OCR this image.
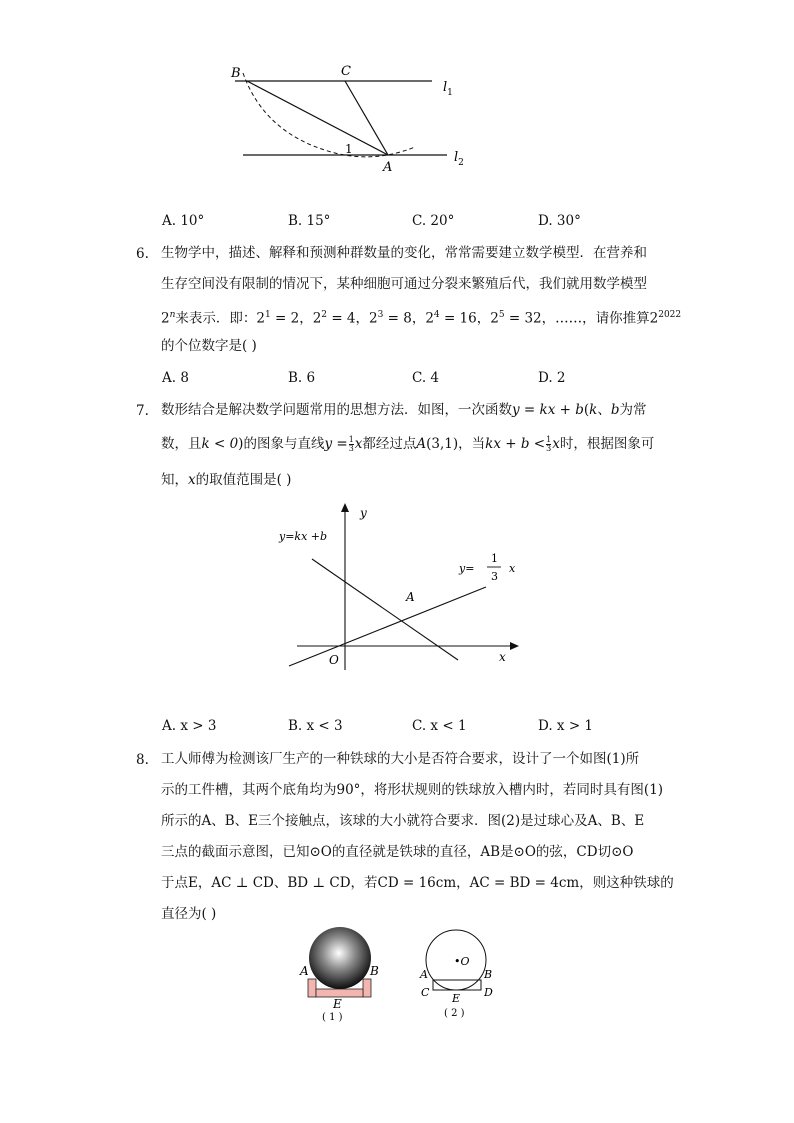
B	C
A
1
$l_1$
$l_2$
A. 10°	B. 15°	C. 20°	D. 30°
6. 生物学中，描述、解释和预测种群数量的变化，常常需要建立数学模型．在营养和
生存空间没有限制的情况下，某种细胞可通过分裂来繁殖后代，我们就用数学模型
2$^n$来表示．即：$2^1 = 2$，$2^2 = 4$，$2^3 = 8$，$2^4 = 16$，$2^5 = 32$，……，请你推算$2^{2022}$
的个位数字是( )
A. 8	B. 6	C. 4	D. 2
7. 数形结合是解决数学问题常用的思想方法．如图，一次函数y = kx + b(k、b为常
数，且k < 0)的图象与直线$y = \frac{1}{3}$ x都经过点A(3,1)，当kx + $b < \frac{1}{3}$ x时，根据图象可
知，x的取值范围是( )
y
x
O
A
y=kx +b
y=
1
3
x
A. x > 3	B. x < 3	C. x < 1	D. x > 1
8. 工人师傅为检测该厂生产的一种铁球的大小是否符合要求，设计了一个如图(1)所
示的工件槽，其两个底角均为90°，将形状规则的铁球放入槽内时，若同时具有图(1)
所示的A、B、E三个接触点，该球的大小就符合要求．图(2)是过球心及A、B、E
三点的截面示意图，已知⊙O的直径就是铁球的直径，AB是⊙O的弦，CD切⊙O
于点E，AC ⊥ CD、BD ⊥ CD，若CD = 16cm，AC = BD = 4cm，则这种铁球的
直径为( )
A	B
E
( 1 )
•O
A	B
C	D
E
( 2 )
